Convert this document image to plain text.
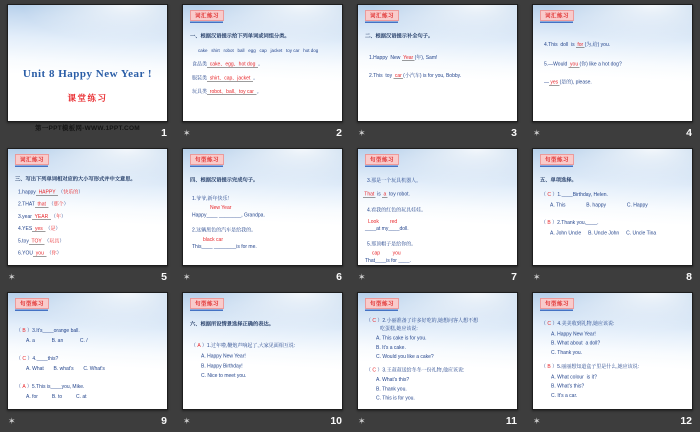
Unit 8 Happy New Year !
课堂练习
第一PPT模板网-WWW.1PPT.COM	1
词汇练习
一、根据汉语提示给下列单词或词组分类。
cake   shirt   robot   ball   egg   cap   jacket   toy car   hot dog
食品类  cake、egg、hot dog  。
服装类  shirt、cap、jacket  。
玩具类  robot、ball、toy car  。
✶	2
词汇练习
二、根据汉语提示补全句子。
1.Happy  New  Year (年), Sam!
2.This  toy  car (小汽车) is for you, Bobby.
✶	3
词汇练习
4.This  doll  is  for (为,给) you.
5.—Would  you (你) like a hot dog?
— yes (是的), please.
✶	4
词汇练习
三、写出下列单词相对应的大小写形式并中文意思。
1.happy  HAPPY  （快乐的）
2.THAT  that  （那个）
3.year  YEAR  （年）
4.YES  yes  （是）
5.toy  TOY  （玩具）
6.YOU  you  （你）
✶	5
句型练习
四、根据汉语提示完成句子。
1.爷爷,新年快乐！
New Year
Happy____ ________, Grandpa.
2.这辆黑色的汽车是给我的。
black car
This____ ________is for me.
✶	6
句型练习
3.那是一个玩具机器人。
That  is  a  toy robot.
4.看我的红色的玩具娃娃。
Look red
____at my____doll.
5.那顶帽子是给你的。
cap you
That____is for ____.
✶	7
句型练习
五、单项选择。
（ C ）1.____Birthday, Helen.
A. This               B. happy               C. Happy
（ B ）2.Thank you,____.
A. John Uncle     B. Uncle John     C. Uncle Tina
✶	8
句型练习
（ B ）3.It's____orange ball.
A. a            B. an            C. /
（ C ）4.____this?
A. What       B. what's       C. What's
（ A ）5.This is____you, Mike.
A. for          B. to          C. at
✶	9
句型练习
六、根据所设情景选择正确的表达。
（ A ）1.过年啦,鞭炮声响起了,大家见面相互说:
A. Happy New Year!
B. Happy Birthday!
C. Nice to meet you.
✶	10
句型练习
（ C ）2.小丽准备了许多好吃的,她想问客人想不想
吃蛋糕,她应该说:
A. This cake is for you.
B. It's a cake.
C. Would you like a cake?
（ C ）3.王叔叔送给冬冬一份礼物,他应该说:
A. What's this?
B. Thank you.
C. This is for you.
✶	11
句型练习
（ C ）4.美美收到礼物,她应该说:
A. Happy New Year!
B. What about  a doll?
C. Thank you.
（ B ）5.丽丽想知道盒子里是什么,她应该说:
A. What colour  is it?
B. What's this?
C. It's a car.
✶	12
